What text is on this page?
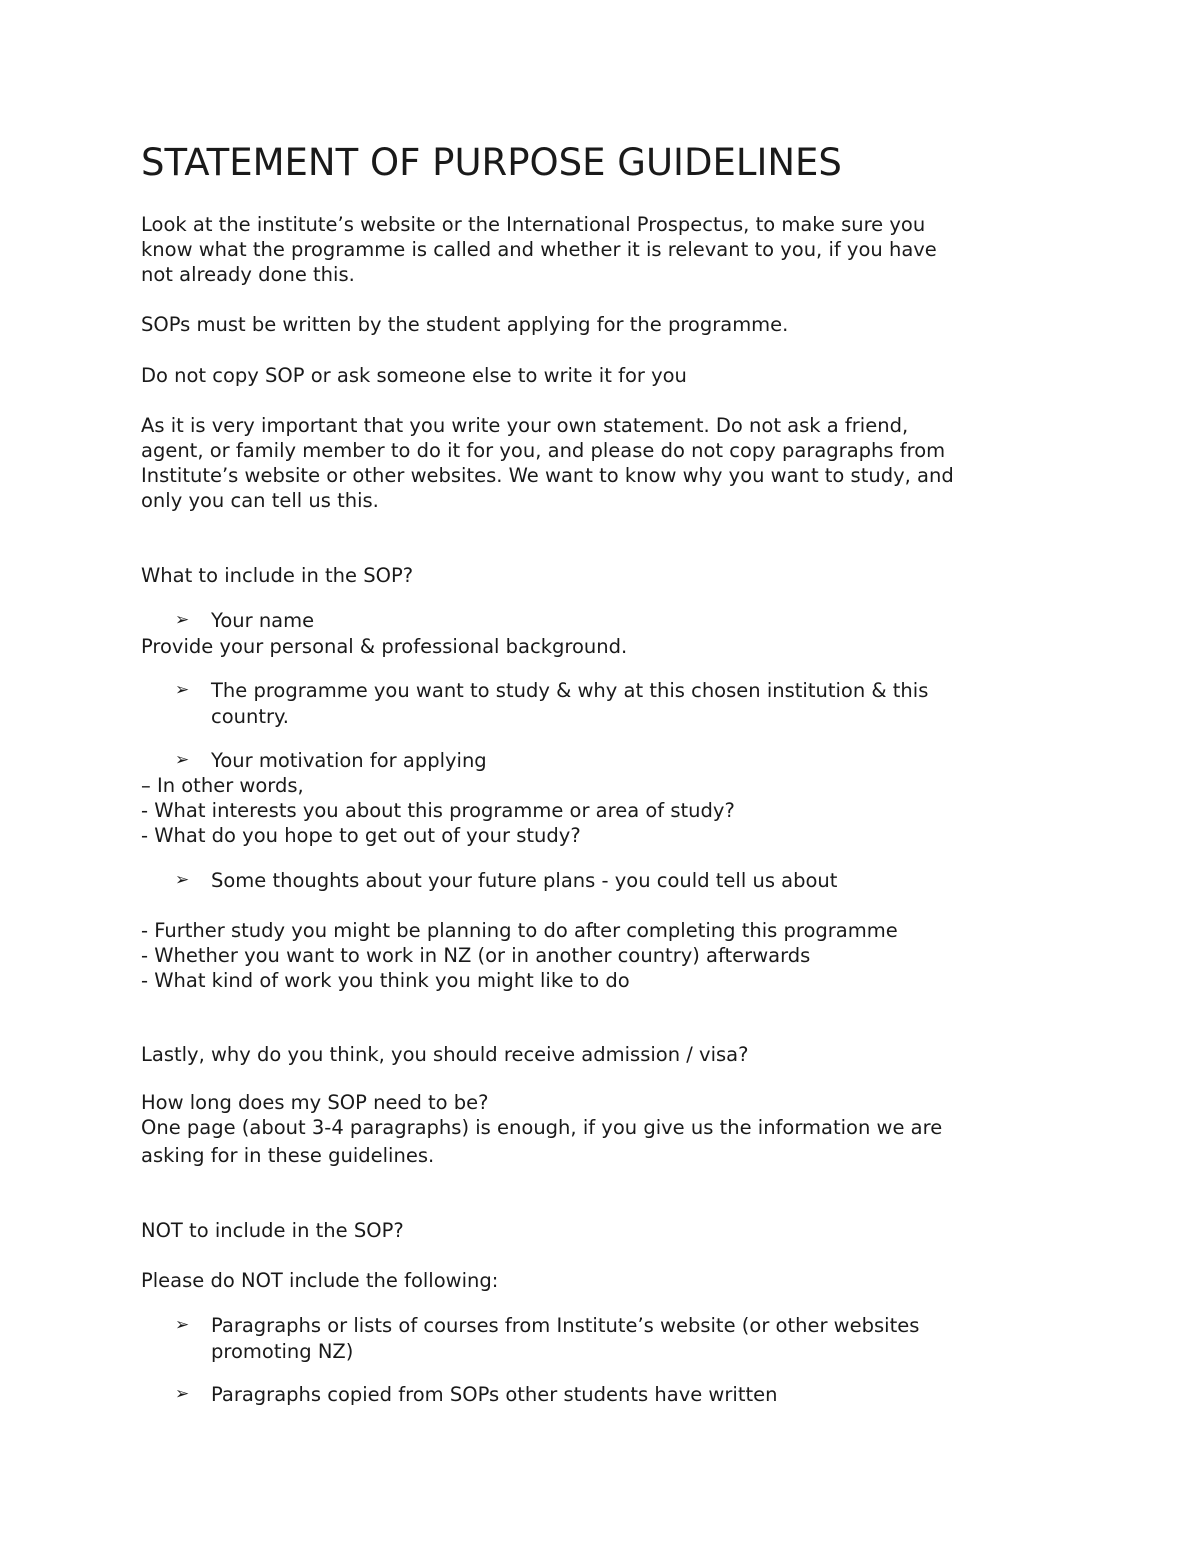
STATEMENT OF PURPOSE GUIDELINES
Look at the institute’s website or the International Prospectus, to make sure you
know what the programme is called and whether it is relevant to you, if you have
not already done this.
SOPs must be written by the student applying for the programme.
Do not copy SOP or ask someone else to write it for you
As it is very important that you write your own statement. Do not ask a friend,
agent, or family member to do it for you, and please do not copy paragraphs from
Institute’s website or other websites. We want to know why you want to study, and
only you can tell us this.
What to include in the SOP?
➢	Your name
Provide your personal & professional background.
➢	The programme you want to study & why at this chosen institution & this
country.
➢	Your motivation for applying
– In other words,
- What interests you about this programme or area of study?
- What do you hope to get out of your study?
➢	Some thoughts about your future plans - you could tell us about
- Further study you might be planning to do after completing this programme
- Whether you want to work in NZ (or in another country) afterwards
- What kind of work you think you might like to do
Lastly, why do you think, you should receive admission / visa?
How long does my SOP need to be?
One page (about 3-4 paragraphs) is enough, if you give us the information we are
asking for in these guidelines.
NOT to include in the SOP?
Please do NOT include the following:
➢	Paragraphs or lists of courses from Institute’s website (or other websites
promoting NZ)
➢	Paragraphs copied from SOPs other students have written
